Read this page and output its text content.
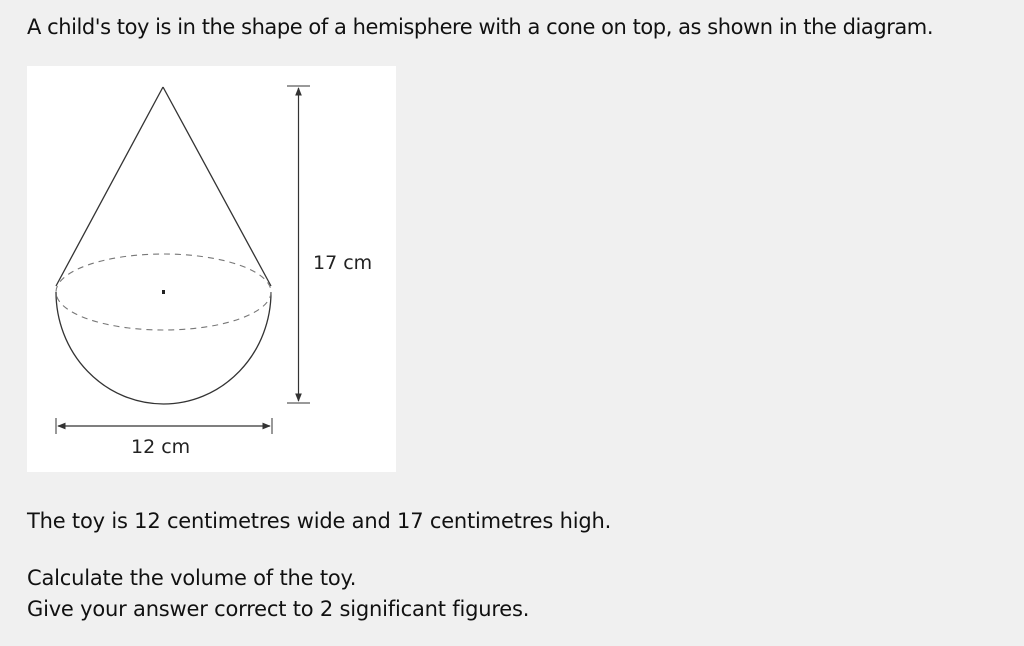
A child's toy is in the shape of a hemisphere with a cone on top, as shown in the diagram.

17 cm
12 cm

The toy is 12 centimetres wide and 17 centimetres high.

Calculate the volume of the toy.

Give your answer correct to 2 significant figures.
